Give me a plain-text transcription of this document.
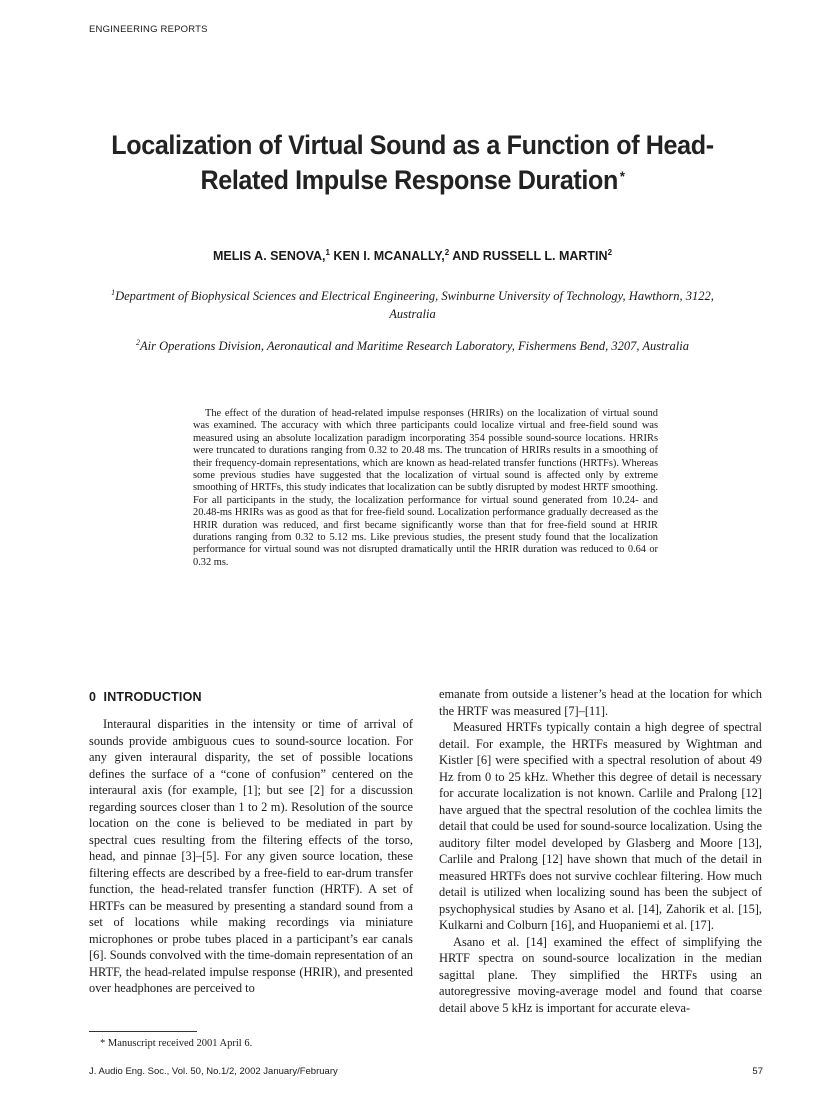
ENGINEERING REPORTS
Localization of Virtual Sound as a Function of Head-Related Impulse Response Duration *
MELIS A. SENOVA,$^1$ KEN I. MCANALLY,$^2$ AND RUSSELL L. MARTIN$^2$
$^1$Department of Biophysical Sciences and Electrical Engineering, Swinburne University of Technology, Hawthorn, 3122, Australia
$^2$Air Operations Division, Aeronautical and Maritime Research Laboratory, Fishermens Bend, 3207, Australia
The effect of the duration of head-related impulse responses (HRIRs) on the localization of virtual sound was examined. The accuracy with which three participants could localize virtual and free-field sound was measured using an absolute localization paradigm incorporating 354 possible sound-source locations. HRIRs were truncated to durations ranging from 0.32 to 20.48 ms. The truncation of HRIRs results in a smoothing of their frequency-domain representations, which are known as head-related transfer functions (HRTFs). Whereas some previous studies have suggested that the localization of virtual sound is affected only by extreme smoothing of HRTFs, this study indicates that localization can be subtly disrupted by modest HRTF smoothing. For all participants in the study, the localization performance for virtual sound generated from 10.24- and 20.48-ms HRIRs was as good as that for free-field sound. Localization performance gradually decreased as the HRIR duration was reduced, and first became significantly worse than that for free-field sound at HRIR durations ranging from 0.32 to 5.12 ms. Like previous studies, the present study found that the localization performance for virtual sound was not disrupted dramatically until the HRIR duration was reduced to 0.64 or 0.32 ms.
0 INTRODUCTION

Interaural disparities in the intensity or time of arrival of sounds provide ambiguous cues to sound-source location. For any given interaural disparity, the set of possible locations defines the surface of a “cone of confusion” centered on the interaural axis (for example, [1]; but see [2] for a discussion regarding sources closer than 1 to 2 m). Resolution of the source location on the cone is believed to be mediated in part by spectral cues resulting from the filtering effects of the torso, head, and pinnae [3]–[5]. For any given source location, these filtering effects are described by a free-field to ear-drum transfer function, the head-related transfer function (HRTF). A set of HRTFs can be measured by presenting a standard sound from a set of locations while making recordings via miniature microphones or probe tubes placed in a participant’s ear canals [6]. Sounds convolved with the time-domain representation of an HRTF, the head-related impulse response (HRIR), and presented over headphones are perceived to

emanate from outside a listener’s head at the location for which the HRTF was measured [7]–[11].

Measured HRTFs typically contain a high degree of spectral detail. For example, the HRTFs measured by Wightman and Kistler [6] were specified with a spectral resolution of about 49 Hz from 0 to 25 kHz. Whether this degree of detail is necessary for accurate localization is not known. Carlile and Pralong [12] have argued that the spectral resolution of the cochlea limits the detail that could be used for sound-source localization. Using the auditory filter model developed by Glasberg and Moore [13], Carlile and Pralong [12] have shown that much of the detail in measured HRTFs does not survive cochlear filtering. How much detail is utilized when localizing sound has been the subject of psychophysical studies by Asano et al. [14], Zahorik et al. [15], Kulkarni and Colburn [16], and Huopaniemi et al. [17].

Asano et al. [14] examined the effect of simplifying the HRTF spectra on sound-source localization in the median sagittal plane. They simplified the HRTFs using an autoregressive moving-average model and found that coarse detail above 5 kHz is important for accurate eleva-

* Manuscript received 2001 April 6.
J. Audio Eng. Soc., Vol. 50, No.1/2, 2002 January/February	57
